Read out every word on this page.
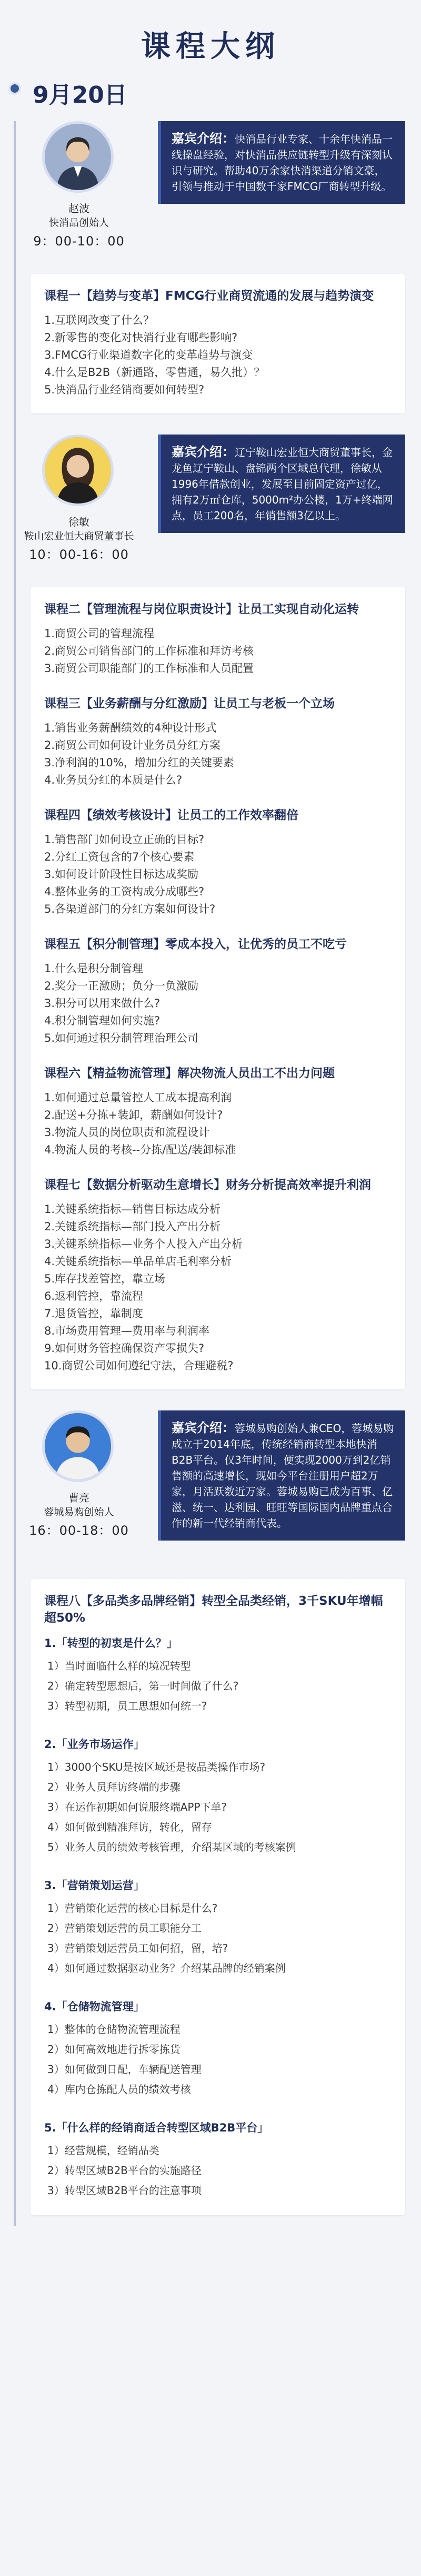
课程大纲
9月20日
赵波
快消品创始人
9：00-10：00
嘉宾介绍：快消品行业专家、十余年快消品一线操盘经验，对快消品供应链转型升级有深刻认识与研究。帮助40万余家快消渠道分销文豪，引领与推动于中国数千家FMCG厂商转型升级。
课程一【趋势与变革】FMCG行业商贸流通的发展与趋势演变
1.互联网改变了什么？
2.新零售的变化对快消行业有哪些影响?
3.FMCG行业渠道数字化的变革趋势与演变
4.什么是B2B（新通路，零售通，易久批）？
5.快消品行业经销商要如何转型?
徐敏
鞍山宏业恒大商贸董事长
10：00-16：00
嘉宾介绍：辽宁鞍山宏业恒大商贸董事长，金龙鱼辽宁鞍山、盘锦两个区域总代理，徐敏从1996年借款创业，发展至目前固定资产过亿，拥有2万㎡仓库，5000m²办公楼，1万+终端网点，员工200名，年销售额3亿以上。
课程二【管理流程与岗位职责设计】让员工实现自动化运转
1.商贸公司的管理流程
2.商贸公司销售部门的工作标准和拜访考核
3.商贸公司职能部门的工作标准和人员配置
课程三【业务薪酬与分红激励】让员工与老板一个立场
1.销售业务薪酬绩效的4种设计形式
2.商贸公司如何设计业务员分红方案
3.净利润的10%，增加分红的关键要素
4.业务员分红的本质是什么?
课程四【绩效考核设计】让员工的工作效率翻倍
1.销售部门如何设立正确的目标?
2.分红工资包含的7个核心要素
3.如何设计阶段性目标达成奖励
4.整体业务的工资构成分成哪些?
5.各渠道部门的分红方案如何设计?
课程五【积分制管理】零成本投入，让优秀的员工不吃亏
1.什么是积分制管理
2.奖分一正激励；负分一负激励
3.积分可以用来做什么?
4.积分制管理如何实施?
5.如何通过积分制管理治理公司
课程六【精益物流管理】解决物流人员出工不出力问题
1.如何通过总量管控人工成本提高利润
2.配送+分拣+装卸，薪酬如何设计?
3.物流人员的岗位职责和流程设计
4.物流人员的考核--分拣/配送/装卸标准
课程七【数据分析驱动生意增长】财务分析提高效率提升利润
1.关键系统指标—销售目标达成分析
2.关键系统指标—部门投入产出分析
3.关键系统指标—业务个人投入产出分析
4.关键系统指标—单品单店毛利率分析
5.库存找差管控，靠立场
6.返利管控，靠流程
7.退货管控，靠制度
8.市场费用管理—费用率与利润率
9.如何财务管控确保资产零损失?
10.商贸公司如何遵纪守法，合理避税?
曹亮
蓉城易购创始人
16：00-18：00
嘉宾介绍：蓉城易购创始人兼CEO，蓉城易购成立于2014年底，传统经销商转型本地快消B2B平台。仅3年时间，便实现2000万到2亿销售额的高速增长，现如今平台注册用户超2万家，月活跃数近万家。蓉城易购已成为百事、亿滋、统一、达利园、旺旺等国际国内品牌重点合作的新一代经销商代表。
课程八【多品类多品牌经销】转型全品类经销，3千SKU年增幅超50%
1.「转型的初衷是什么？」
1）当时面临什么样的境况转型
2）确定转型思想后，第一时间做了什么?
3）转型初期，员工思想如何统一?
2.「业务市场运作」
1）3000个SKU是按区域还是按品类操作市场?
2）业务人员拜访终端的步骤
3）在运作初期如何说服终端APP下单?
4）如何做到精准拜访，转化，留存
5）业务人员的绩效考核管理，介绍某区域的考核案例
3.「营销策划运营」
1）营销策化运营的核心目标是什么?
2）营销策划运营的员工职能分工
3）营销策划运营员工如何招，留，培?
4）如何通过数据驱动业务？介绍某品牌的经销案例
4.「仓储物流管理」
1）整体的仓储物流管理流程
2）如何高效地进行拆零拣货
3）如何做到日配，车辆配送管理
4）库内仓拣配人员的绩效考核
5.「什么样的经销商适合转型区域B2B平台」
1）经营规模，经销品类
2）转型区域B2B平台的实施路径
3）转型区域B2B平台的注意事项
